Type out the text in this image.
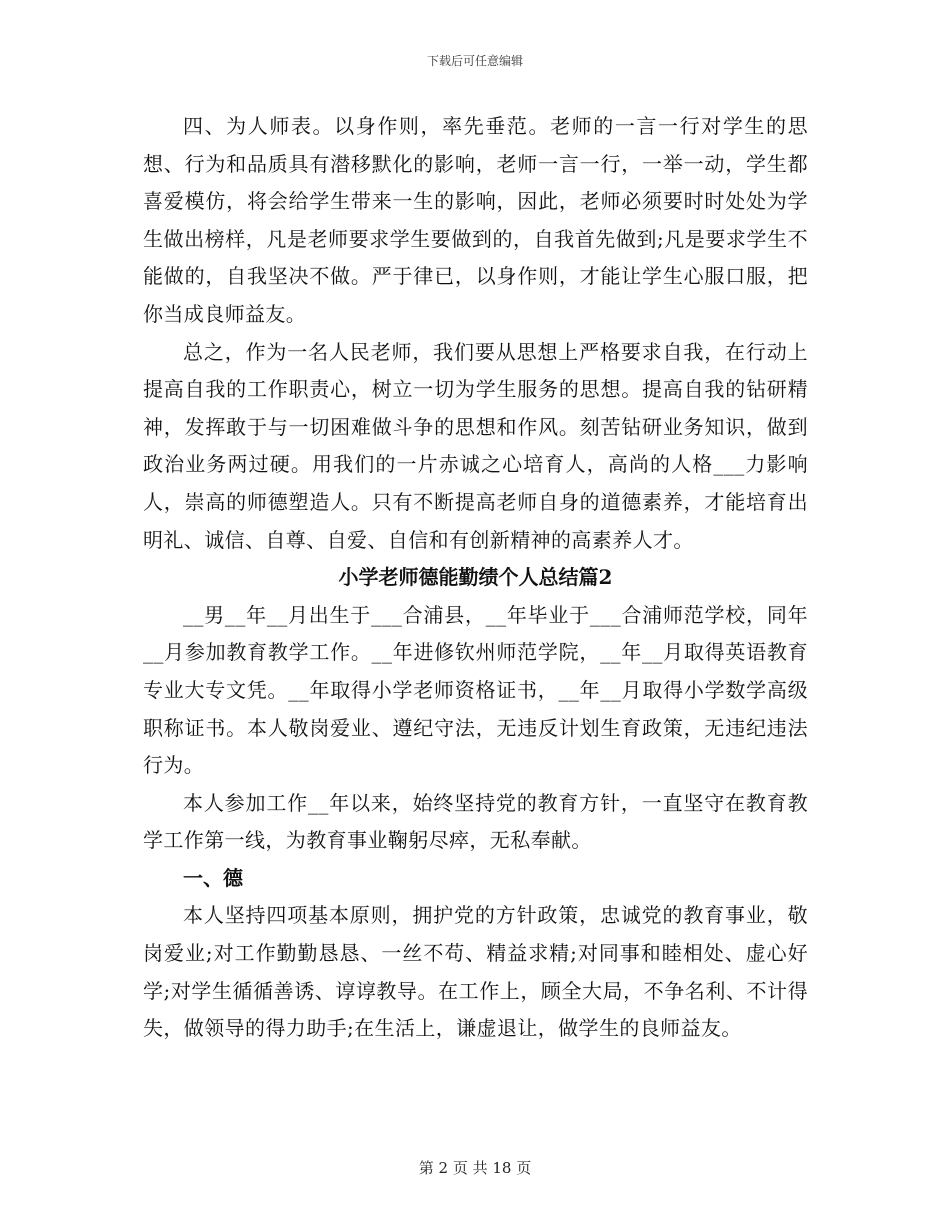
下载后可任意编辑

四、为人师表。以身作则，率先垂范。老师的一言一行对学生的思想、行为和品质具有潜移默化的影响，老师一言一行，一举一动，学生都喜爱模仿，将会给学生带来一生的影响，因此，老师必须要时时处处为学生做出榜样，凡是老师要求学生要做到的，自我首先做到;凡是要求学生不能做的，自我坚决不做。严于律已，以身作则，才能让学生心服口服，把你当成良师益友。

总之，作为一名人民老师，我们要从思想上严格要求自我，在行动上提高自我的工作职责心，树立一切为学生服务的思想。提高自我的钻研精神，发挥敢于与一切困难做斗争的思想和作风。刻苦钻研业务知识，做到政治业务两过硬。用我们的一片赤诚之心培育人，高尚的人格___力影响人，崇高的师德塑造人。只有不断提高老师自身的道德素养，才能培育出明礼、诚信、自尊、自爱、自信和有创新精神的高素养人才。

小学老师德能勤绩个人总结篇2

__男__年__月出生于___合浦县，__年毕业于___合浦师范学校，同年__月参加教育教学工作。__年进修钦州师范学院，__年__月取得英语教育专业大专文凭。__年取得小学老师资格证书，__年__月取得小学数学高级职称证书。本人敬岗爱业、遵纪守法，无违反计划生育政策，无违纪违法行为。

本人参加工作__年以来，始终坚持党的教育方针，一直坚守在教育教学工作第一线，为教育事业鞠躬尽瘁，无私奉献。

一、德

本人坚持四项基本原则，拥护党的方针政策，忠诚党的教育事业，敬岗爱业;对工作勤勤恳恳、一丝不苟、精益求精;对同事和睦相处、虚心好学;对学生循循善诱、谆谆教导。在工作上，顾全大局，不争名利、不计得失，做领导的得力助手;在生活上，谦虚退让，做学生的良师益友。

第 2 页 共 18 页
